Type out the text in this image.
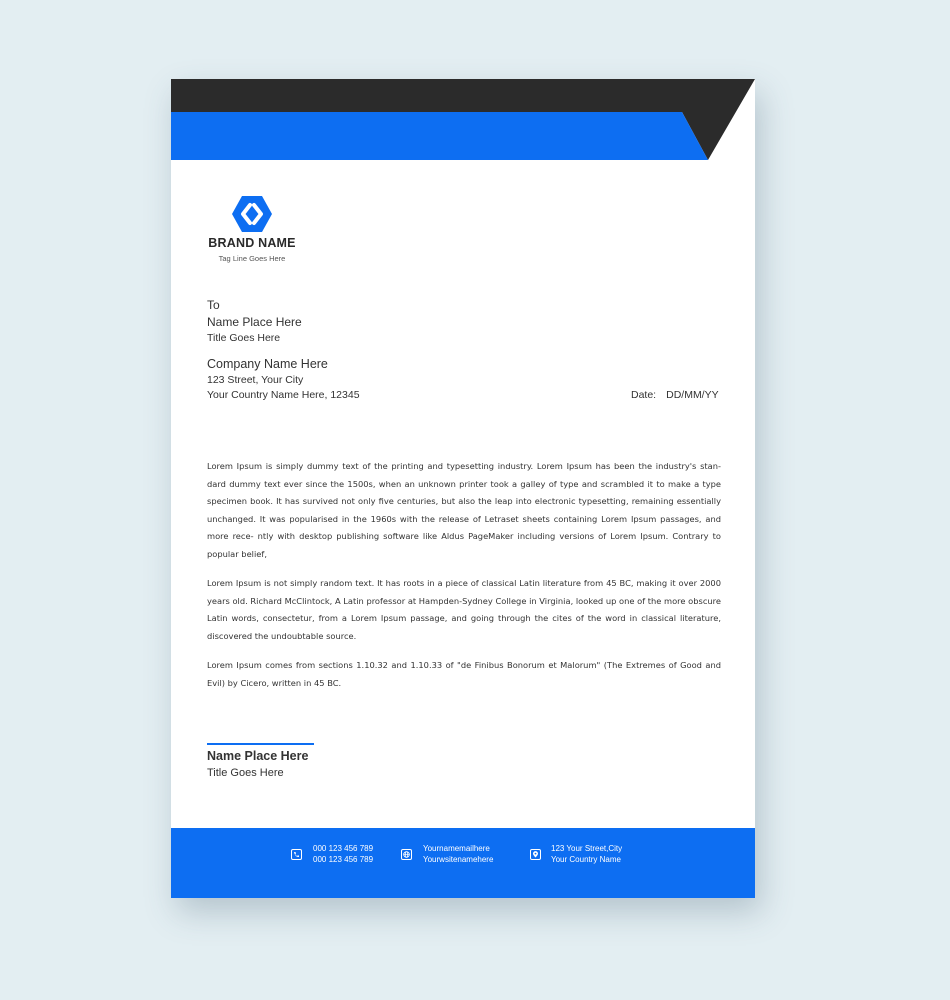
BRAND NAME
Tag Line Goes Here
To
Name Place Here
Title Goes Here
Company Name Here
123 Street, Your City
Your Country Name Here, 12345	Date: DD/MM/YY

Lorem Ipsum is simply dummy text of the printing and typesetting industry. Lorem Ipsum has been the industry's stan- dard dummy text ever since the 1500s, when an unknown printer took a galley of type and scrambled it to make a type specimen book. It has survived not only five centuries, but also the leap into electronic typesetting, remaining essentially unchanged. It was popularised in the 1960s with the release of Letraset sheets containing Lorem Ipsum passages, and more rece- ntly with desktop publishing software like Aldus PageMaker including versions of Lorem Ipsum. Contrary to popular belief,

Lorem Ipsum is not simply random text. It has roots in a piece of classical Latin literature from 45 BC, making it over 2000 years old. Richard McClintock, A Latin professor at Hampden-Sydney College in Virginia, looked up one of the more obscure Latin words, consectetur, from a Lorem Ipsum passage, and going through the cites of the word in classical literature, discovered the undoubtable source.

Lorem Ipsum comes from sections 1.10.32 and 1.10.33 of "de Finibus Bonorum et Malorum" (The Extremes of Good and Evil) by Cicero, written in 45 BC.

Name Place Here
Title Goes Here
000 123 456 789
000 123 456 789
Yournamemailhere
Yourwsitenamehere
123 Your Street,City
Your Country Name
